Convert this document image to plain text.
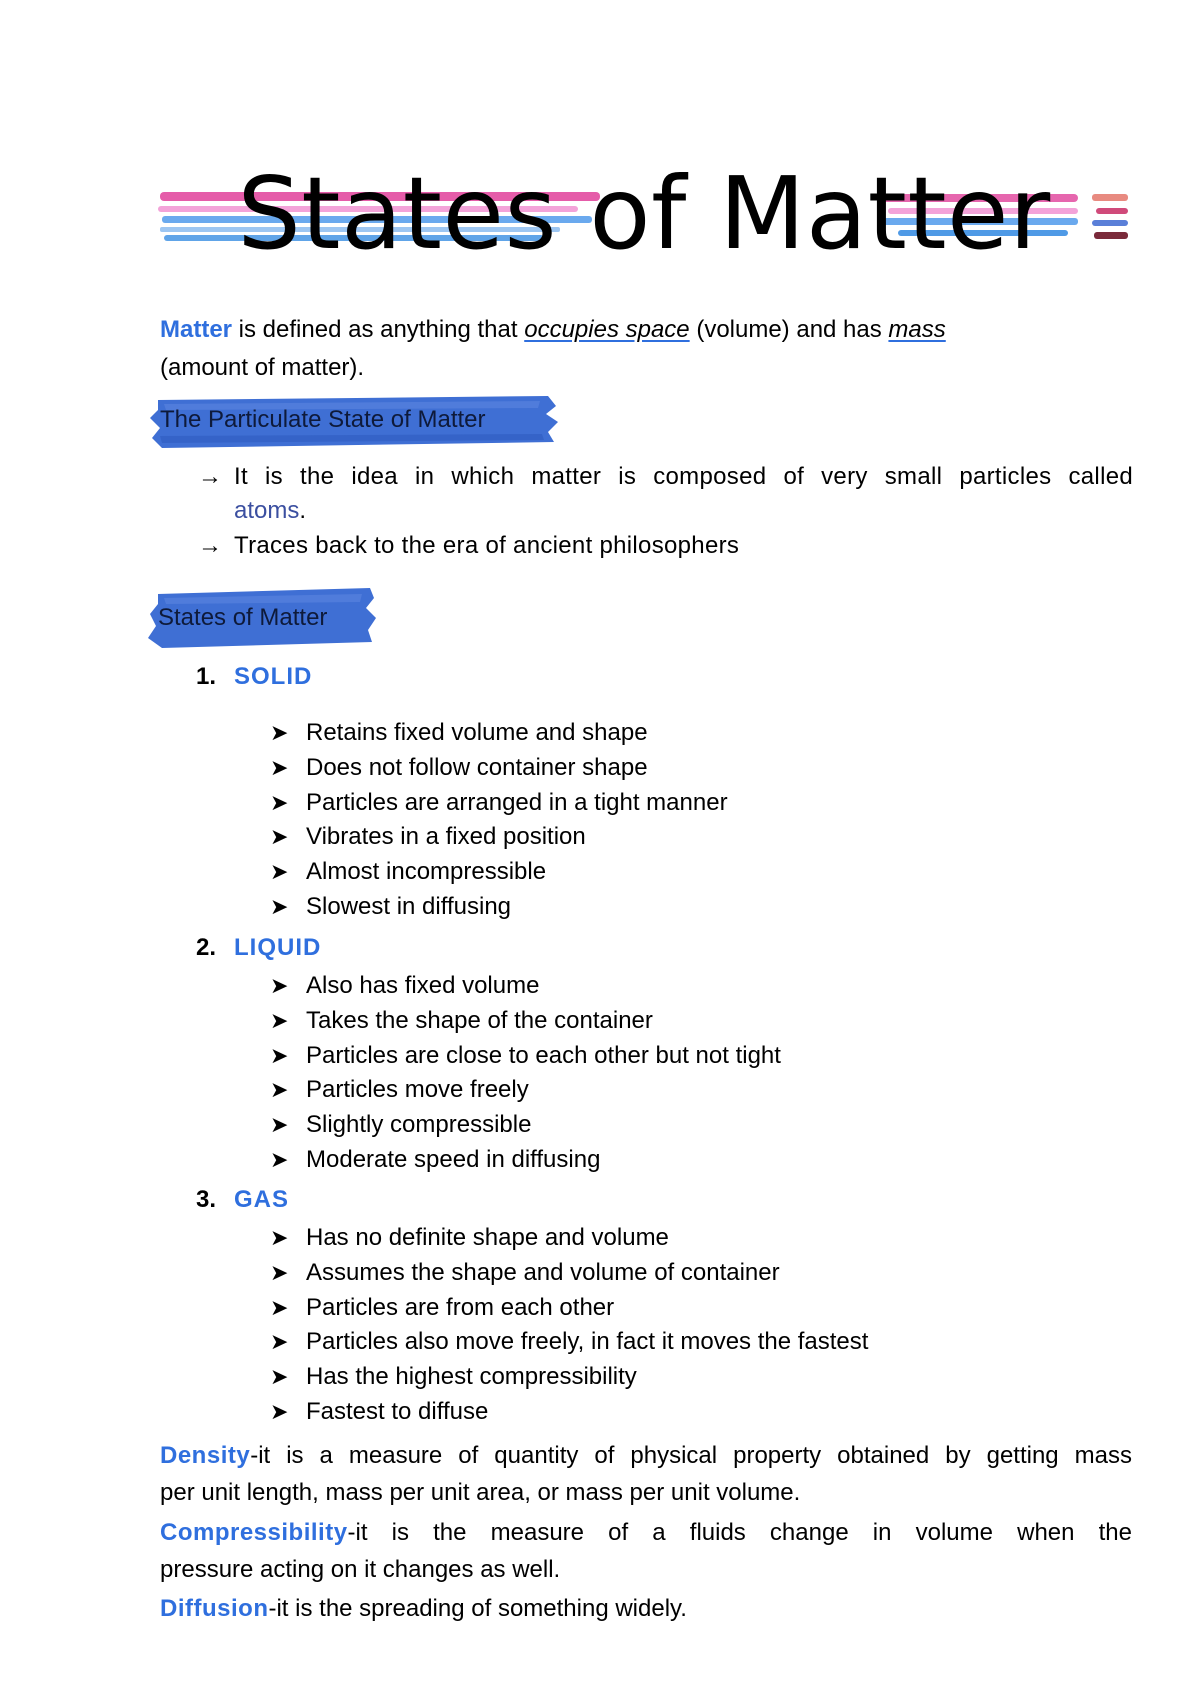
States of Matter
Matter is defined as anything that occupies space (volume) and has mass
(amount of matter).
The Particulate State of Matter
→ It is the idea in which matter is composed of very small particles called
atoms.
→ Traces back to the era of ancient philosophers
States of Matter
1. SOLID
➤ Retains fixed volume and shape
➤ Does not follow container shape
➤ Particles are arranged in a tight manner
➤ Vibrates in a fixed position
➤ Almost incompressible
➤ Slowest in diffusing
2. LIQUID
➤ Also has fixed volume
➤ Takes the shape of the container
➤ Particles are close to each other but not tight
➤ Particles move freely
➤ Slightly compressible
➤ Moderate speed in diffusing
3. GAS
➤ Has no definite shape and volume
➤ Assumes the shape and volume of container
➤ Particles are from each other
➤ Particles also move freely, in fact it moves the fastest
➤ Has the highest compressibility
➤ Fastest to diffuse
Density-it is a measure of quantity of physical property obtained by getting mass
per unit length, mass per unit area, or mass per unit volume.
Compressibility-it is the measure of a fluids change in volume when the
pressure acting on it changes as well.
Diffusion-it is the spreading of something widely.
